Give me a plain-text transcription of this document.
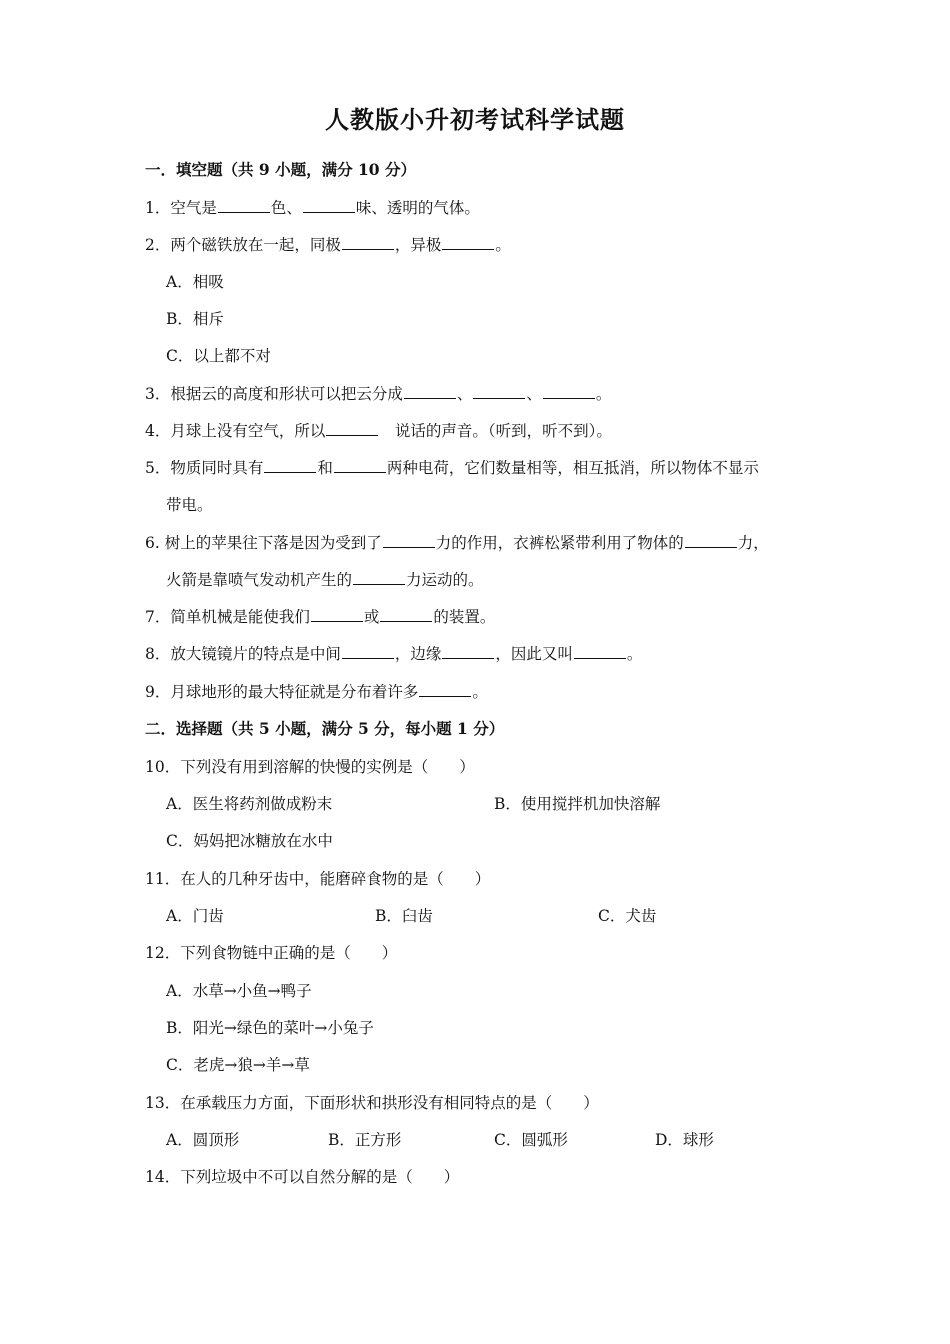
人教版小升初考试科学试题
一．填空题（共 9 小题，满分 10 分）
1．空气是	色、	味、透明的气体。
2．两个磁铁放在一起，同极	，异极	。
A．相吸
B．相斥
C．以上都不对
3．根据云的高度和形状可以把云分成	、	、	。
4．月球上没有空气，所以	　说话的声音。（听到，听不到）。
5．物质同时具有	和	两种电荷，它们数量相等，相互抵消，所以物体不显示
带电。
6. 树上的苹果往下落是因为受到了	力的作用，衣裤松紧带利用了物体的	力，
火箭是靠喷气发动机产生的	力运动的。
7．简单机械是能使我们	或	的装置。
8．放大镜镜片的特点是中间	，边缘	，因此又叫	。
9．月球地形的最大特征就是分布着许多	。
二．选择题（共 5 小题，满分 5 分，每小题 1 分）
10．下列没有用到溶解的快慢的实例是（　　）
A．医生将药剂做成粉末	B．使用搅拌机加快溶解
C．妈妈把冰糖放在水中
11．在人的几种牙齿中，能磨碎食物的是（　　）
A．门齿	B．臼齿	C．犬齿
12．下列食物链中正确的是（　　）
A．水草→小鱼→鸭子
B．阳光→绿色的菜叶→小兔子
C．老虎→狼→羊→草
13．在承载压力方面，下面形状和拱形没有相同特点的是（　　）
A．圆顶形	B．正方形	C．圆弧形	D．球形
14．下列垃圾中不可以自然分解的是（　　）
